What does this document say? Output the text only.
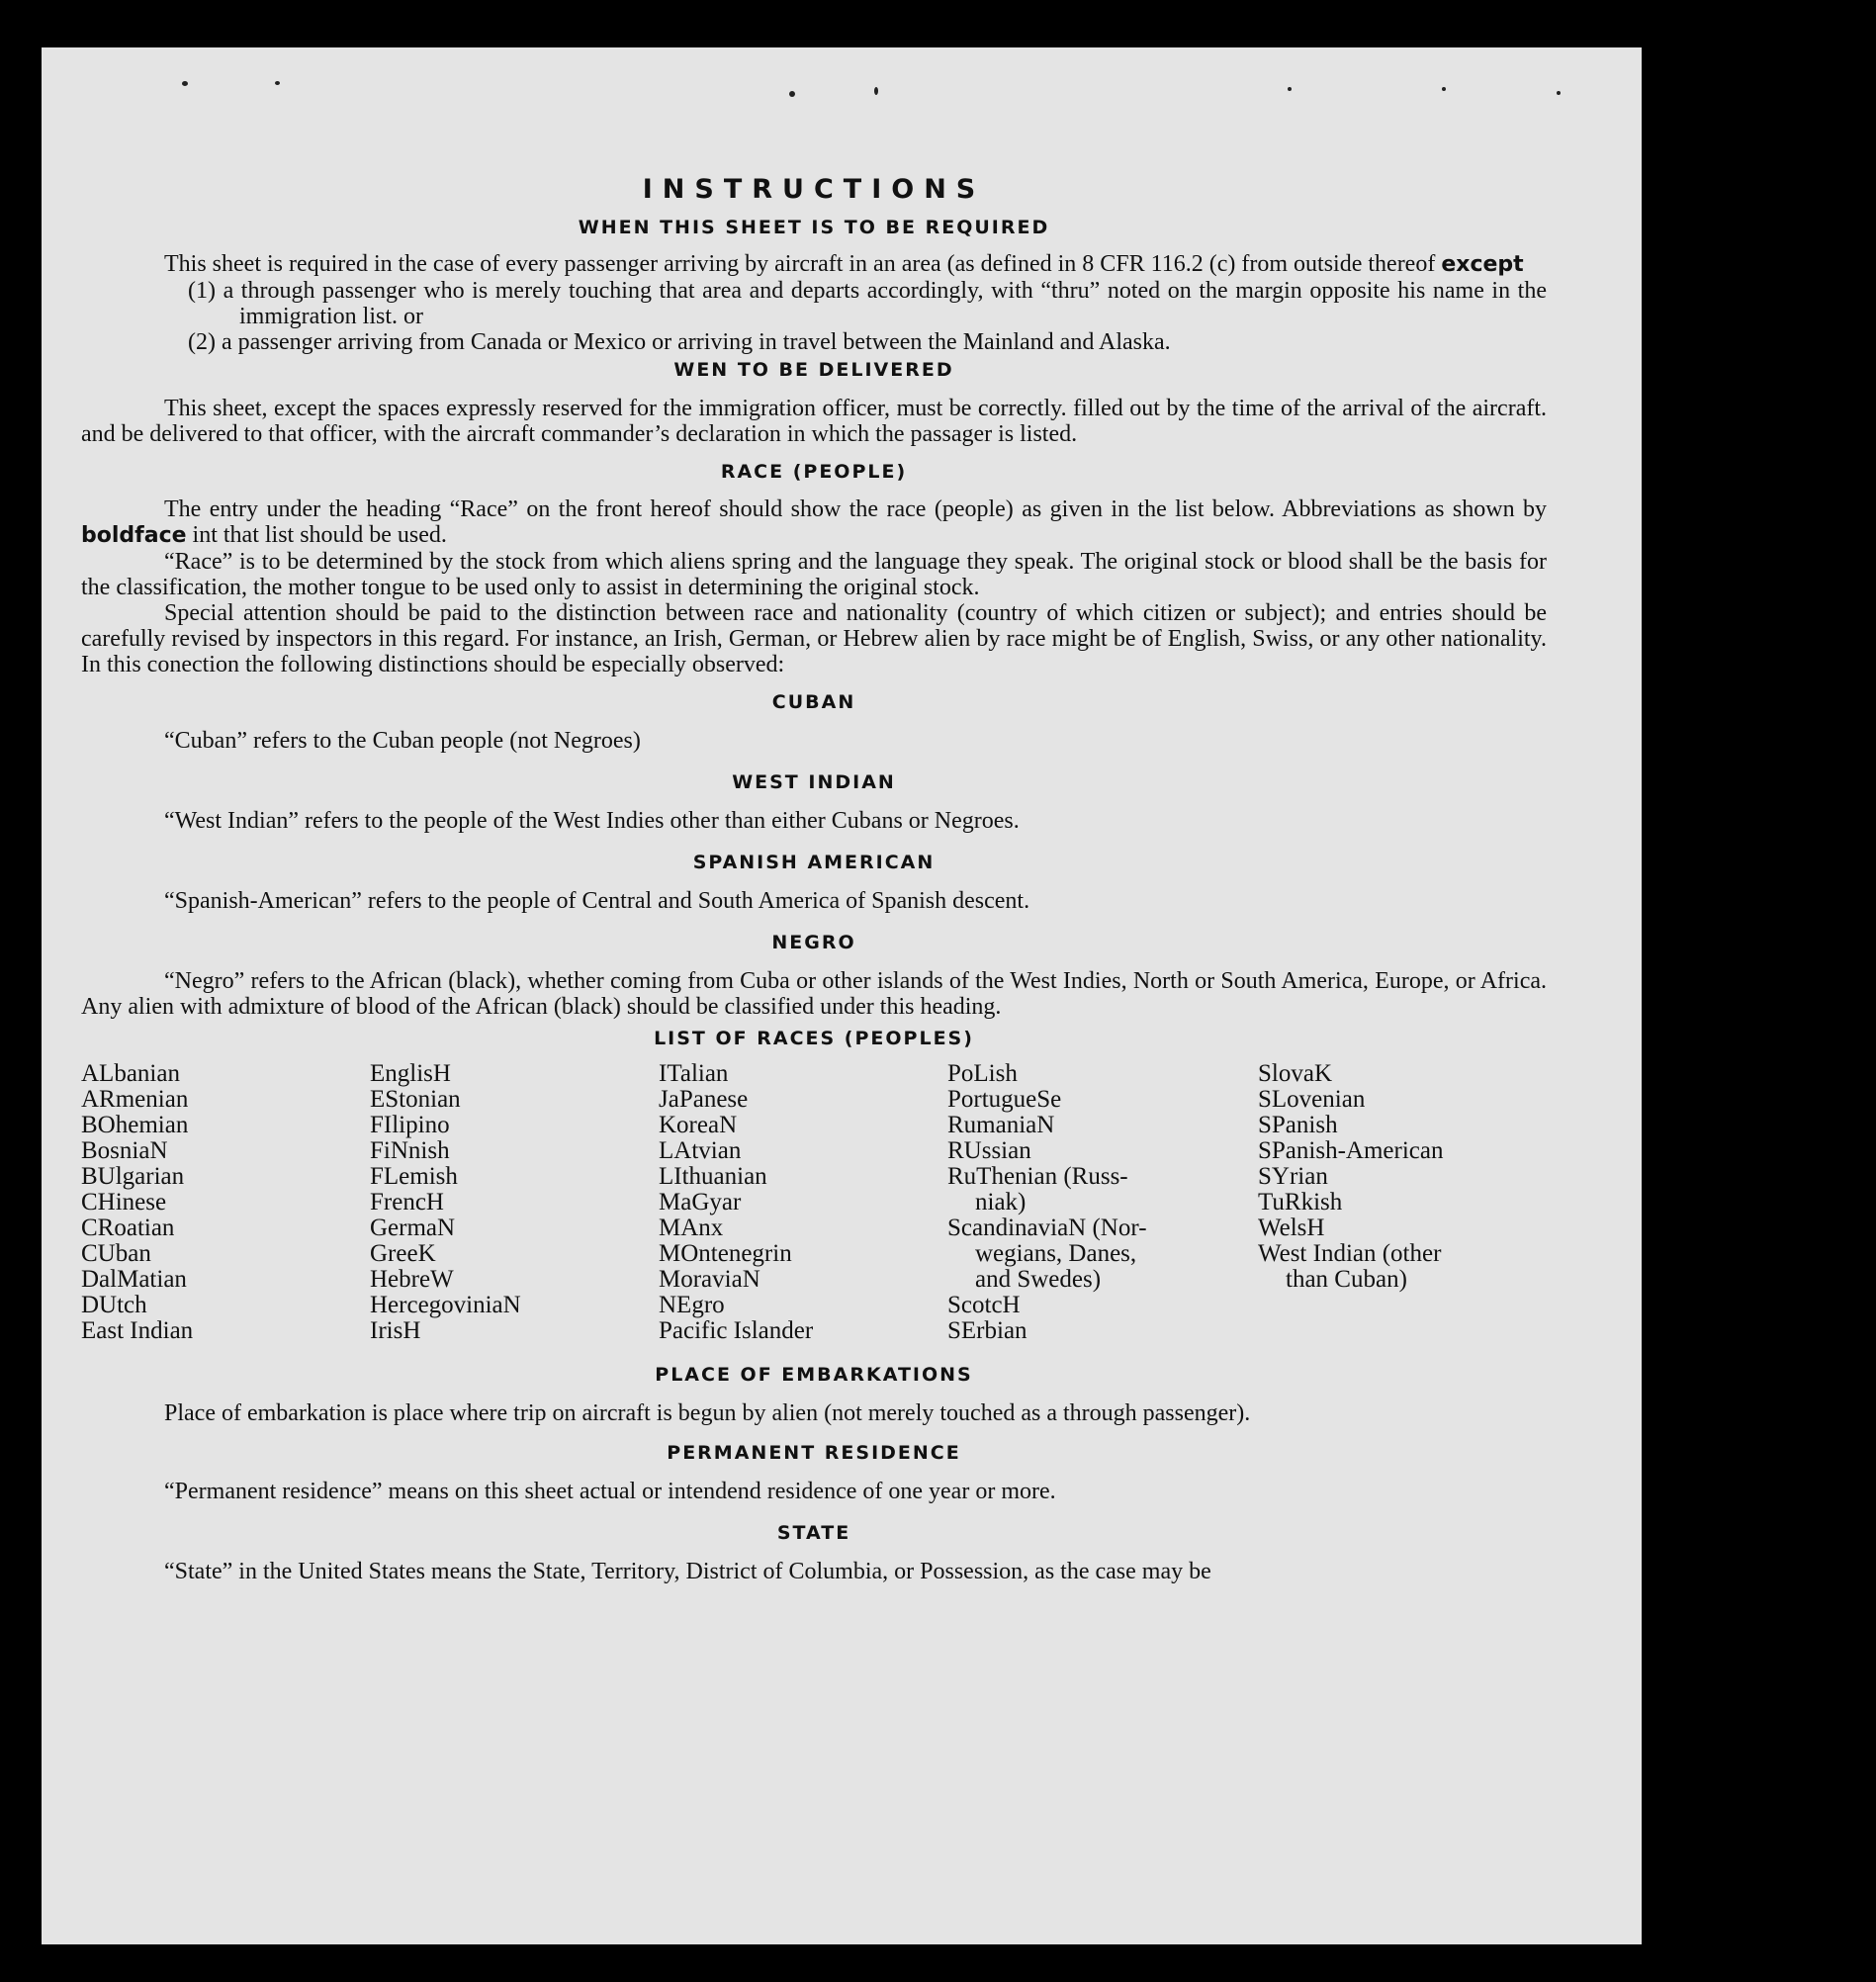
INSTRUCTIONS
WHEN THIS SHEET IS TO BE REQUIRED

This sheet is required in the case of every passenger arriving by aircraft in an area (as defined in 8 CFR 116.2 (c) from outside thereof except

(1) a through passenger who is merely touching that area and departs accordingly, with “thru” noted on the margin opposite his name in the immigration list. or
(2) a passenger arriving from Canada or Mexico or arriving in travel between the Mainland and Alaska.
WEN TO BE DELIVERED

This sheet, except the spaces expressly reserved for the immigration officer, must be correctly. filled out by the time of the arrival of the aircraft. and be delivered to that officer, with the aircraft commander’s declaration in which the passager is listed.

RACE (PEOPLE)

The entry under the heading “Race” on the front hereof should show the race (people) as given in the list below. Abbreviations as shown by boldface int that list should be used.

“Race” is to be determined by the stock from which aliens spring and the language they speak. The original stock or blood shall be the basis for the classification, the mother tongue to be used only to assist in determining the original stock.

Special attention should be paid to the distinction between race and nationality (country of which citizen or subject); and entries should be carefully revised by inspectors in this regard. For instance, an Irish, German, or Hebrew alien by race might be of English, Swiss, or any other nationality. In this conection the following distinctions should be especially observed:

CUBAN

“Cuban” refers to the Cuban people (not Negroes)

WEST INDIAN

“West Indian” refers to the people of the West Indies other than either Cubans or Negroes.

SPANISH AMERICAN

“Spanish-American” refers to the people of Central and South America of Spanish descent.

NEGRO

“Negro” refers to the African (black), whether coming from Cuba or other islands of the West Indies, North or South America, Europe, or Africa. Any alien with admixture of blood of the African (black) should be classified under this heading.

LIST OF RACES (PEOPLES)
ALbanian
ARmenian
BOhemian
BosniaN
BUlgarian
CHinese
CRoatian
CUban
DalMatian
DUtch
East Indian
EnglisH
EStonian
FIlipino
FiNnish
FLemish
FrencH
GermaN
GreeK
HebreW
HercegoviniaN
IrisH
ITalian
JaPanese
KoreaN
LAtvian
LIthuanian
MaGyar
MAnx
MOntenegrin
MoraviaN
NEgro
Pacific Islander
PoLish
PortugueSe
RumaniaN
RUssian
RuThenian (Russ-
niak)
ScandinaviaN (Nor-
wegians, Danes,
and Swedes)
ScotcH
SErbian
SlovaK
SLovenian
SPanish
SPanish-American
SYrian
TuRkish
WelsH
West Indian (other
than Cuban)
PLACE OF EMBARKATIONS

Place of embarkation is place where trip on aircraft is begun by alien (not merely touched as a through passenger).

PERMANENT RESIDENCE

“Permanent residence” means on this sheet actual or intendend residence of one year or more.

STATE

“State” in the United States means the State, Territory, District of Columbia, or Possession, as the case may be
